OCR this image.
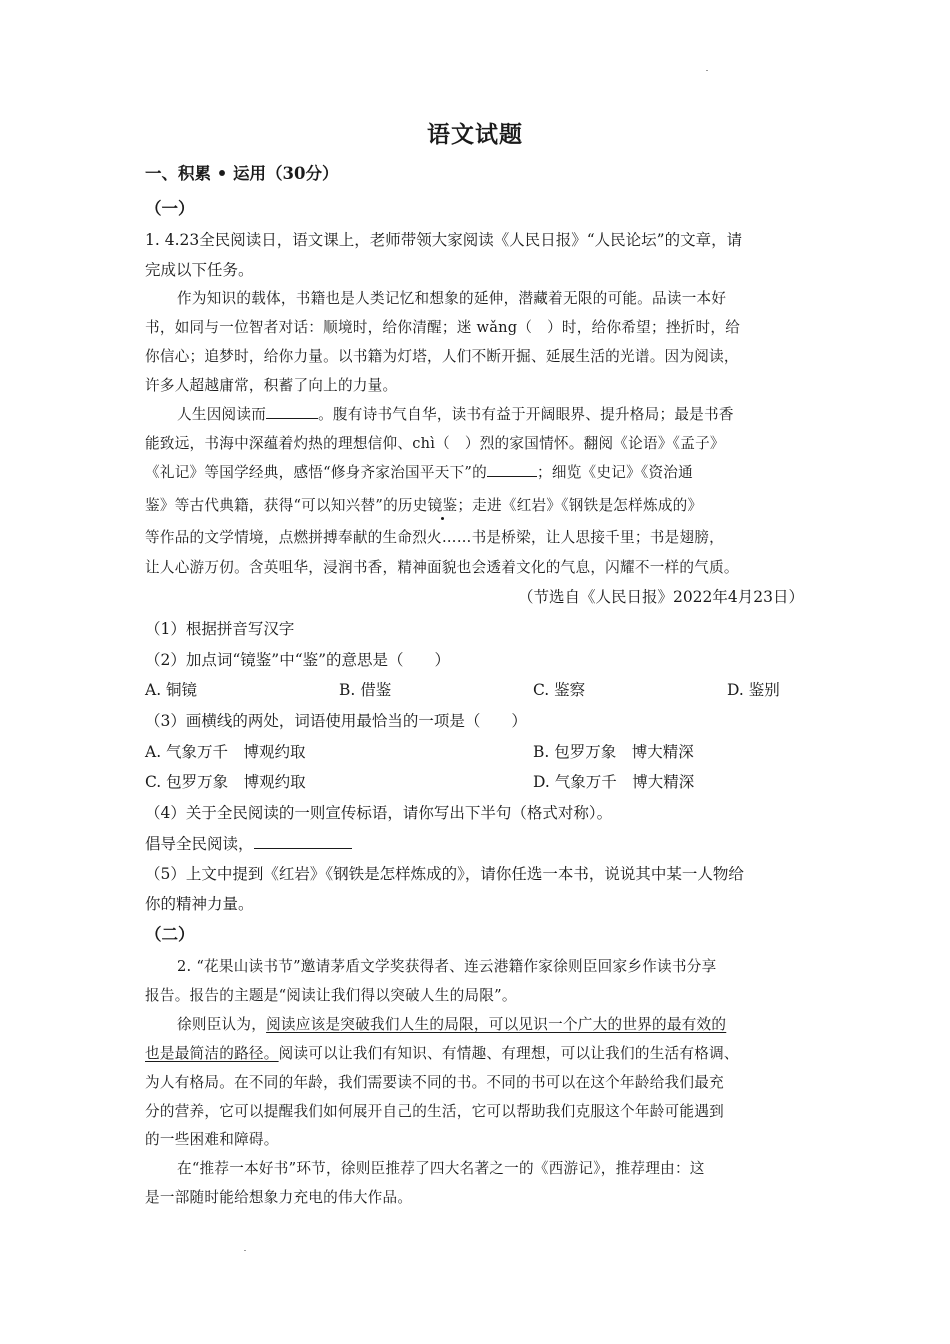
语文试题
一、积累 • 运用（30分）
（一）
1. 4.23全民阅读日，语文课上，老师带领大家阅读《人民日报》“人民论坛”的文章，请
完成以下任务。
作为知识的载体，书籍也是人类记忆和想象的延伸，潜藏着无限的可能。品读一本好
书，如同与一位智者对话：顺境时，给你清醒；迷 wǎng（　）时，给你希望；挫折时，给
你信心；追梦时，给你力量。以书籍为灯塔，人们不断开掘、延展生活的光谱。因为阅读，
许多人超越庸常，积蓄了向上的力量。
人生因阅读而	。腹有诗书气自华，读书有益于开阔眼界、提升格局；最是书香
能致远，书海中深蕴着灼热的理想信仰、chì（　）烈的家国情怀。翻阅《论语》《孟子》
《礼记》等国学经典，感悟“修身齐家治国平天下”的	；细览《史记》《资治通
鉴》等古代典籍，获得“可以知兴替”的历史镜鉴；走进《红岩》《钢铁是怎样炼成的》
等作品的文学情境，点燃拼搏奉献的生命烈火……书是桥梁，让人思接千里；书是翅膀，
让人心游万仞。含英咀华，浸润书香，精神面貌也会透着文化的气息，闪耀不一样的气质。
（节选自《人民日报》2022年4月23日）
（1）根据拼音写汉字
（2）加点词“镜鉴”中“鉴”的意思是（　　）
A. 铜镜	B. 借鉴	C. 鉴察	D. 鉴别
（3）画横线的两处，词语使用最恰当的一项是（　　）
A. 气象万千　博观约取	B. 包罗万象　博大精深
C. 包罗万象　博观约取	D. 气象万千　博大精深
（4）关于全民阅读的一则宣传标语，请你写出下半句（格式对称）。
倡导全民阅读，
（5）上文中提到《红岩》《钢铁是怎样炼成的》，请你任选一本书，说说其中某一人物给
你的精神力量。
（二）
2. “花果山读书节”邀请茅盾文学奖获得者、连云港籍作家徐则臣回家乡作读书分享
报告。报告的主题是“阅读让我们得以突破人生的局限”。
徐则臣认为，阅读应该是突破我们人生的局限，可以见识一个广大的世界的最有效的
也是最简洁的路径。阅读可以让我们有知识、有情趣、有理想，可以让我们的生活有格调、
为人有格局。在不同的年龄，我们需要读不同的书。不同的书可以在这个年龄给我们最充
分的营养，它可以提醒我们如何展开自己的生活，它可以帮助我们克服这个年龄可能遇到
的一些困难和障碍。
在“推荐一本好书”环节，徐则臣推荐了四大名著之一的《西游记》，推荐理由：这
是一部随时能给想象力充电的伟大作品。
